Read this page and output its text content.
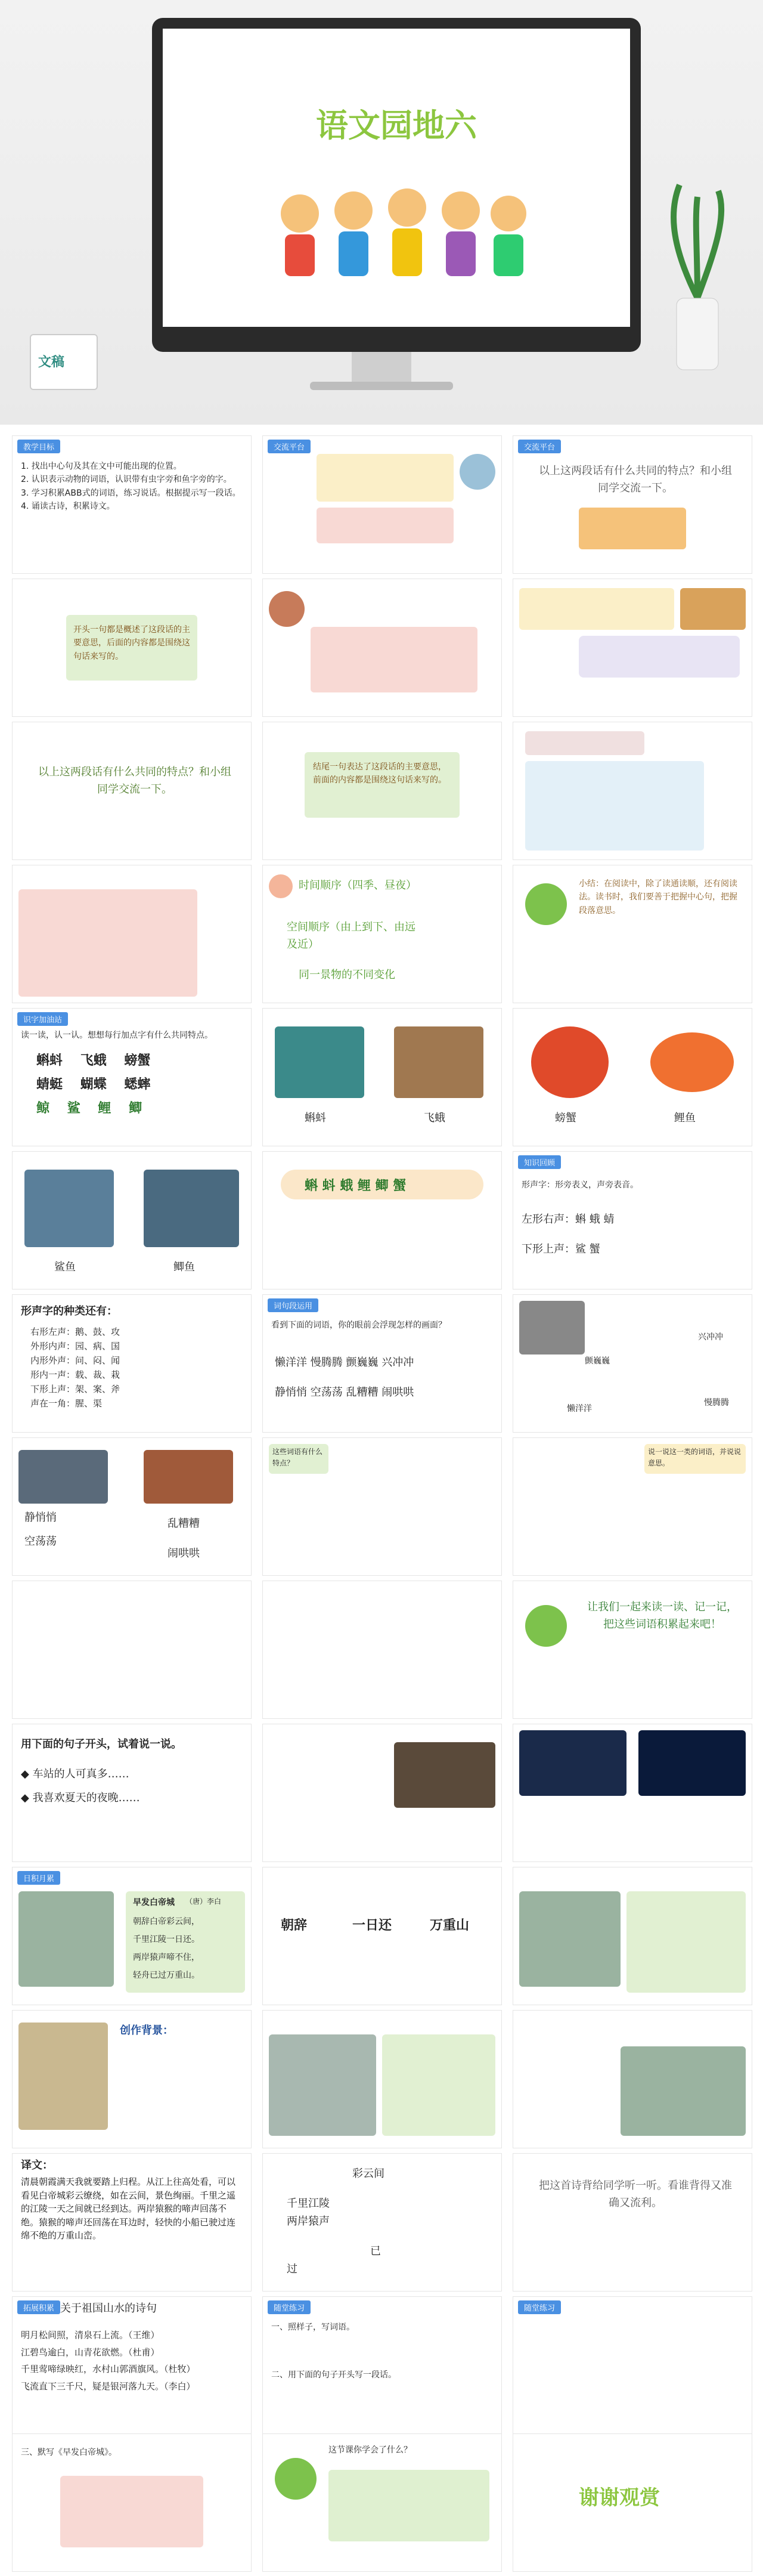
语文园地六
文稿
教学目标
1. 找出中心句及其在文中可能出现的位置。
2. 认识表示动物的词语，认识带有虫字旁和鱼字旁的字。
3. 学习积累ABB式的词语，练习说话。根据提示写一段话。
4. 诵读古诗，积累诗文。
交流平台	交流平台
以上这两段话有什么共同的特点？和小组同学交流一下。
开头一句都是概述了这段话的主要意思，后面的内容都是围绕这句话来写的。
以上这两段话有什么共同的特点？和小组同学交流一下。
结尾一句表达了这段话的主要意思，前面的内容都是围绕这句话来写的。
时间顺序（四季、昼夜）
空间顺序（由上到下、由远及近）
同一景物的不同变化
小结：在阅读中，除了读通读顺，还有阅读法。读书时，我们要善于把握中心句，把握段落意思。
识字加油站
读一读，认一认。想想每行加点字有什么共同特点。
蝌蚪　 飞蛾　 螃蟹
蜻蜓　 蝴蝶　 蟋蟀
鲸　 鲨　 鲤　 鲫
蝌蚪	飞蛾	螃蟹	鲤鱼
鲨鱼	鲫鱼
蝌 蚪 蛾 鲤 鲫 蟹
知识回顾
形声字：形旁表义，声旁表音。
左形右声：蝌 蛾 蜻
下形上声：鲨 蟹
形声字的种类还有：
右形左声：鹅、鼓、攻
外形内声：园、病、国
内形外声：问、闷、闻
形内一声：载、裁、栽
下形上声：架、案、斧
声在一角：腥、渠
词句段运用
看到下面的词语，你的眼前会浮现怎样的画面？
懒洋洋 慢腾腾 颤巍巍 兴冲冲
静悄悄 空荡荡 乱糟糟 闹哄哄
颤巍巍
兴冲冲
懒洋洋
慢腾腾
静悄悄
空荡荡
乱糟糟
闹哄哄
这些词语有什么特点？
说一说这一类的词语，并说说意思。
让我们一起来读一读、记一记，把这些词语积累起来吧！
用下面的句子开头，试着说一说。
◆ 车站的人可真多……
◆ 我喜欢夏天的夜晚……
日积月累
早发白帝城 （唐）李白
朝辞白帝彩云间，
千里江陵一日还。
两岸猿声啼不住，
轻舟已过万重山。
朝辞	一日还	万重山
创作背景：
译文：
清晨朝霞满天我就要踏上归程。从江上往高处看，可以看见白帝城彩云缭绕，如在云间，景色绚丽。千里之遥的江陵一天之间就已经到达。两岸猿猴的啼声回荡不绝。猿猴的啼声还回荡在耳边时，轻快的小船已驶过连绵不绝的万重山峦。
彩云间
千里江陵
两岸猿声
已
过
把这首诗背给同学听一听。看谁背得又准确又流利。
拓展积累 关于祖国山水的诗句
明月松间照，清泉石上流。（王维）
江碧鸟逾白，山青花欲燃。（杜甫）
千里莺啼绿映红，水村山郭酒旗风。（杜牧）
飞流直下三千尺，疑是银河落九天。（李白）
随堂练习
一、照样子，写词语。
二、用下面的句子开头写一段话。
随堂练习
三、默写《早发白帝城》。	这节课你学会了什么？
谢谢观赏
